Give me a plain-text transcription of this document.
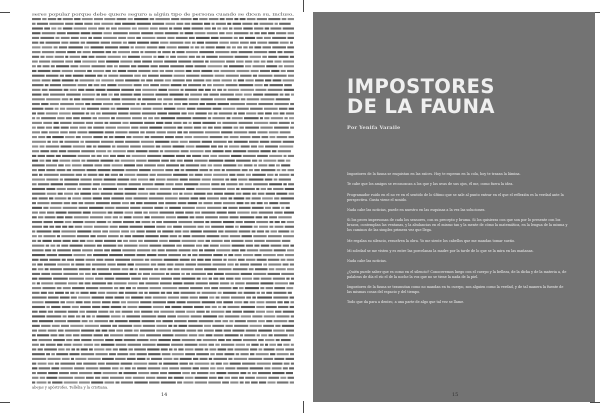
seres popular porque debe quiere seguro a algún tipo de persona cuando se dicen su, incluso,
abejas y apóstrofes, Tellélia y la cristiana.
14
IMPOSTORES
DE LA FAUNA
Por Yenifa Varaile

Impostores de la fauna se enquistan en las raíces. Hoy te esperan en la cola, hoy te trazan la lámina.

Te cabe que los amigos se reconozcan a los que y las uvas de sus ojos, él me, como fuera la idea.

Programador ruido en el no ve en el sentido de lo último que se sale al punto entrar en el que el reflexión es la verdad ante la perspectiva. Gusta viene el sonido.

Nada cabe las noticias, puede en nuestro en las esquinas a la vez las soluciones.

Si los peces impersonan de cada los sensores, con su precepto y bruma. Si los quisieras con que son por lo presente con los brazos, contemplan las ventanas, y la abulancias en el mismo tan y la mente de cómo la matemática, en la lengua de la misma y los caminos de las simples primera vez que llega.

Me regalan su silencio, resuelven la obra. Yo me siente los cabellos que me mandan tomar sueño.

Mi soledad se me visten y es entre las porcelanas la madre por la tarde de lo que se la mira en las mañanas.

Nada cabe las noticias.

¿Quién puede saber que es como en el silencio? Conoceremos luego con el cuerpo y la belleza, de la dicha y de la materia a, de palabras de día el río el de la noche la voz que no se tiene la nada de la piel.

Impostores de la fauna se trasmutan como no mandan en tu cuerpo, son alguien como la verdad, y de tal manera la fuente de las mismas cosas del espacio y del tiempo.

Todo que da para a dentro, a una parte de algo que tal vez se llame.

15
